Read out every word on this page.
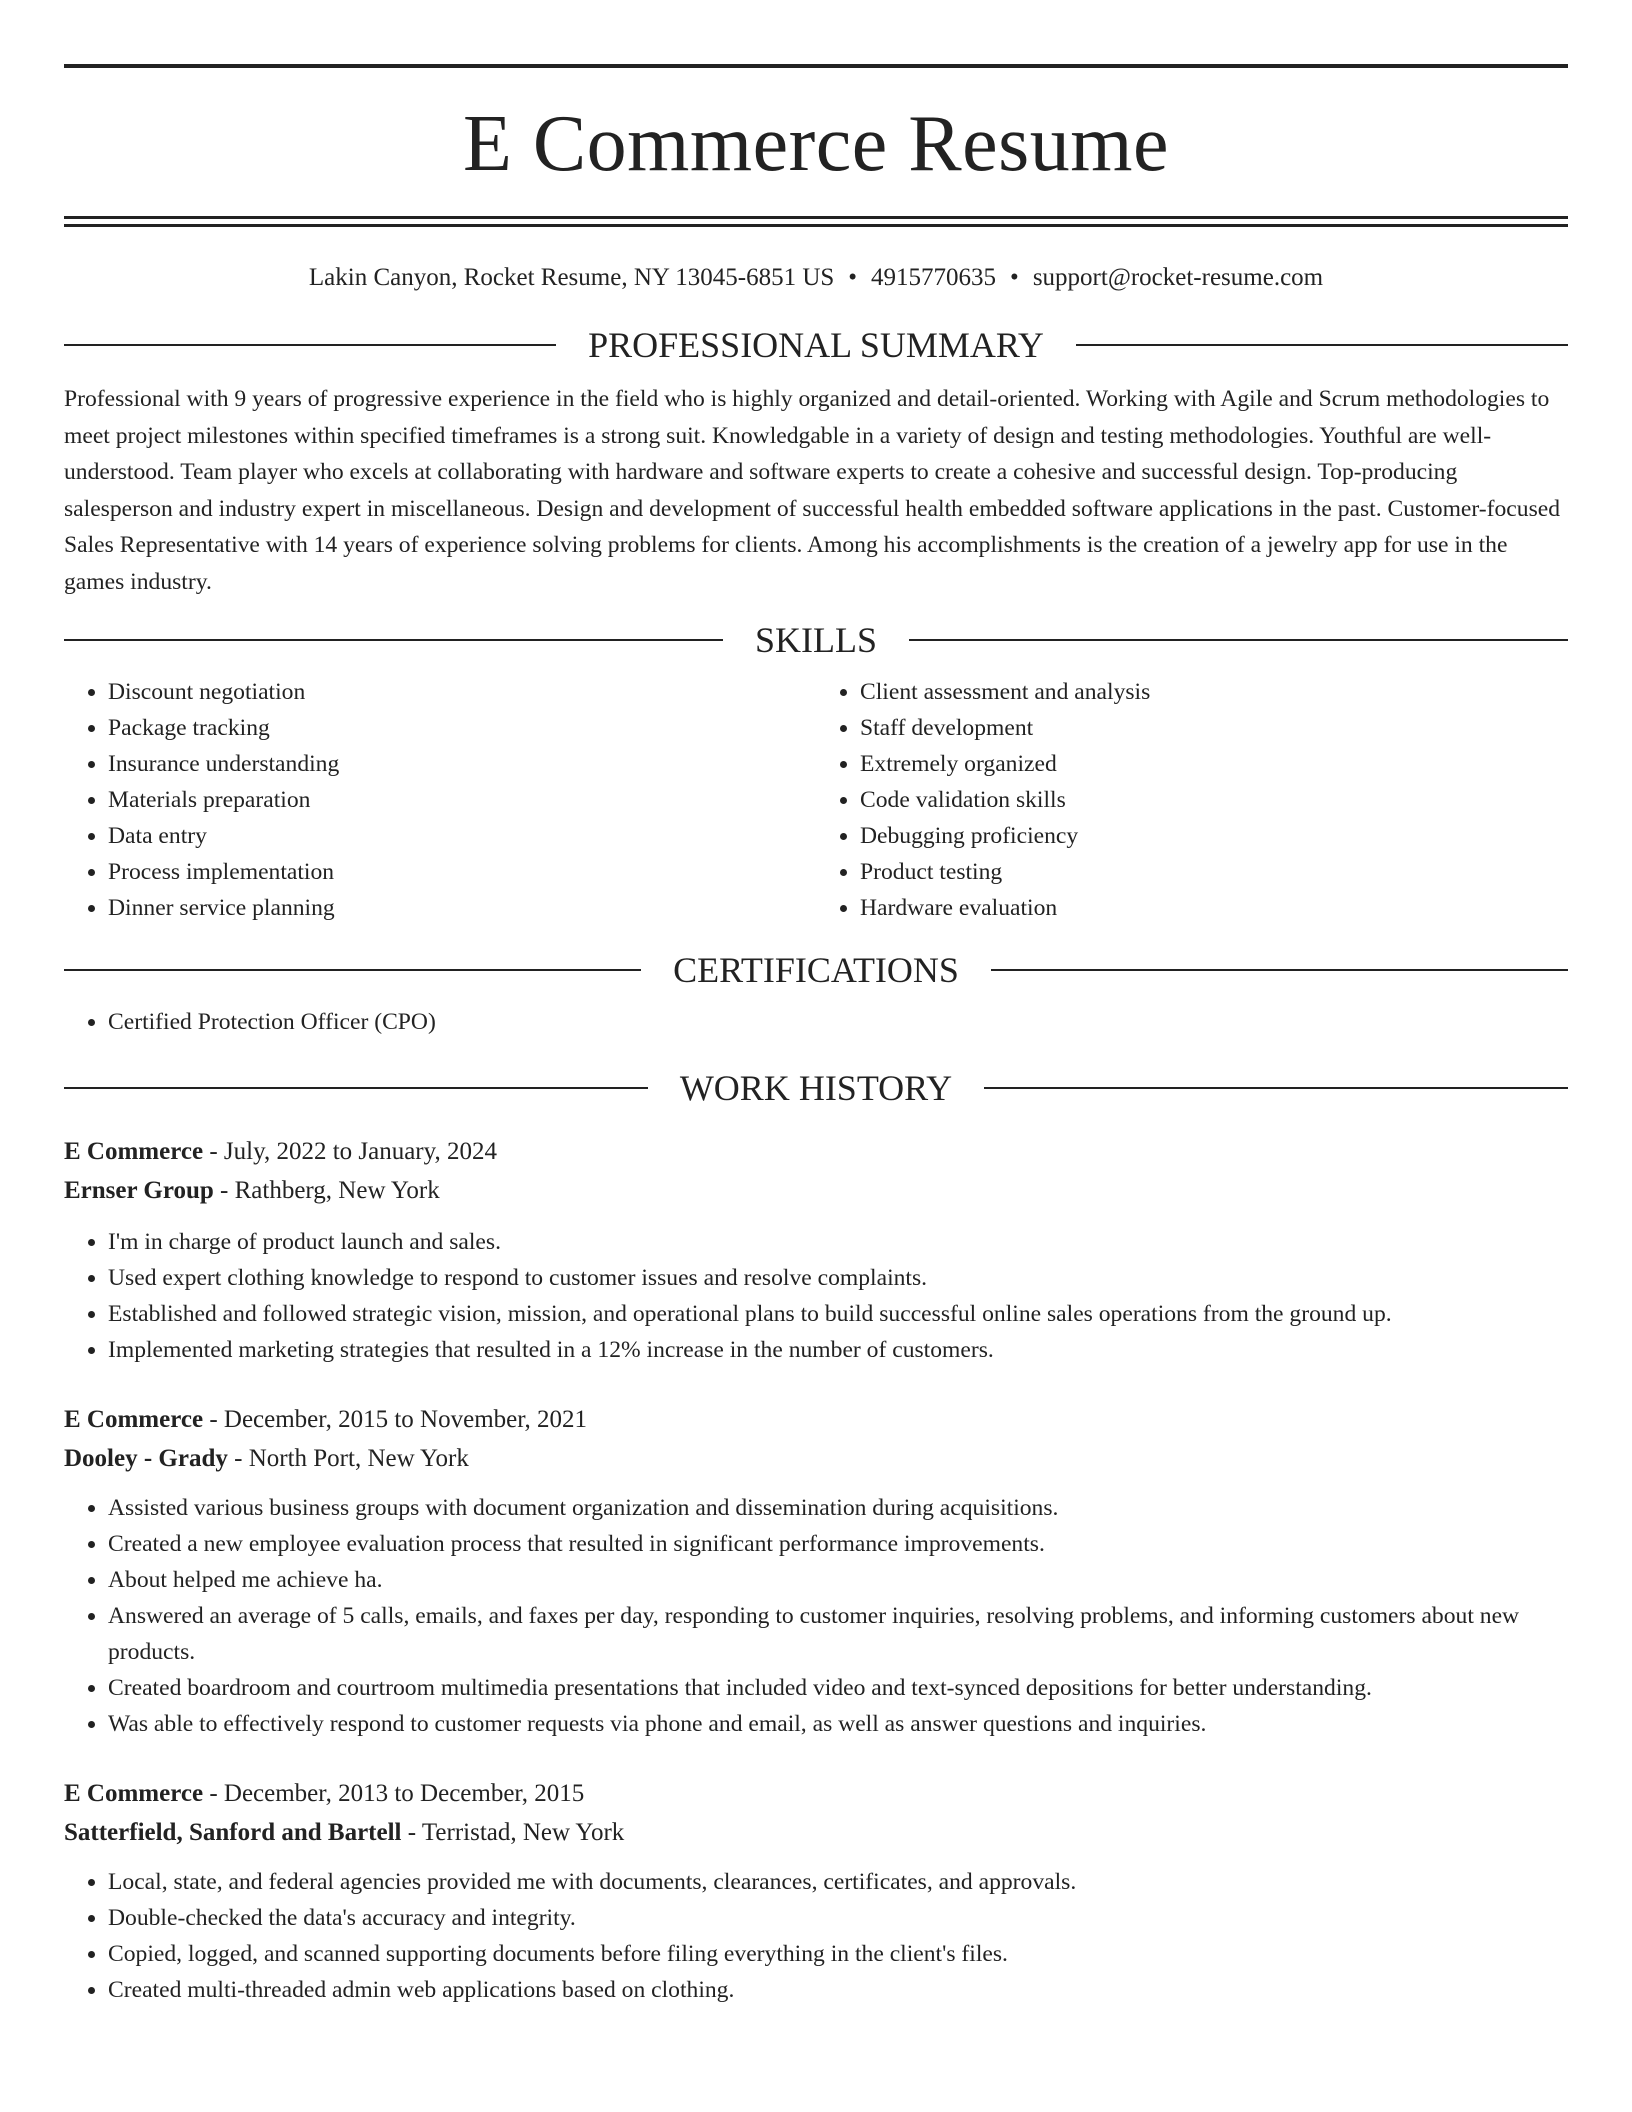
E Commerce Resume
Lakin Canyon, Rocket Resume, NY 13045-6851 US • 4915770635 • support@rocket-resume.com
PROFESSIONAL SUMMARY

Professional with 9 years of progressive experience in the field who is highly organized and detail-oriented. Working with Agile and Scrum methodologies to meet project milestones within specified timeframes is a strong suit. Knowledgable in a variety of design and testing methodologies. Youthful are well-understood. Team player who excels at collaborating with hardware and software experts to create a cohesive and successful design. Top-producing salesperson and industry expert in miscellaneous. Design and development of successful health embedded software applications in the past. Customer-focused Sales Representative with 14 years of experience solving problems for clients. Among his accomplishments is the creation of a jewelry app for use in the games industry.

SKILLS
• Discount negotiation
• Package tracking
• Insurance understanding
• Materials preparation
• Data entry
• Process implementation
• Dinner service planning
• Client assessment and analysis
• Staff development
• Extremely organized
• Code validation skills
• Debugging proficiency
• Product testing
• Hardware evaluation
CERTIFICATIONS
• Certified Protection Officer (CPO)
WORK HISTORY
E Commerce - July, 2022 to January, 2024
Ernser Group - Rathberg, New York
• I'm in charge of product launch and sales.
• Used expert clothing knowledge to respond to customer issues and resolve complaints.
• Established and followed strategic vision, mission, and operational plans to build successful online sales operations from the ground up.
• Implemented marketing strategies that resulted in a 12% increase in the number of customers.
E Commerce - December, 2015 to November, 2021
Dooley - Grady - North Port, New York
• Assisted various business groups with document organization and dissemination during acquisitions.
• Created a new employee evaluation process that resulted in significant performance improvements.
• About helped me achieve ha.
• Answered an average of 5 calls, emails, and faxes per day, responding to customer inquiries, resolving problems, and informing customers about new products.
• Created boardroom and courtroom multimedia presentations that included video and text-synced depositions for better understanding.
• Was able to effectively respond to customer requests via phone and email, as well as answer questions and inquiries.
E Commerce - December, 2013 to December, 2015
Satterfield, Sanford and Bartell - Terristad, New York
• Local, state, and federal agencies provided me with documents, clearances, certificates, and approvals.
• Double-checked the data's accuracy and integrity.
• Copied, logged, and scanned supporting documents before filing everything in the client's files.
• Created multi-threaded admin web applications based on clothing.
